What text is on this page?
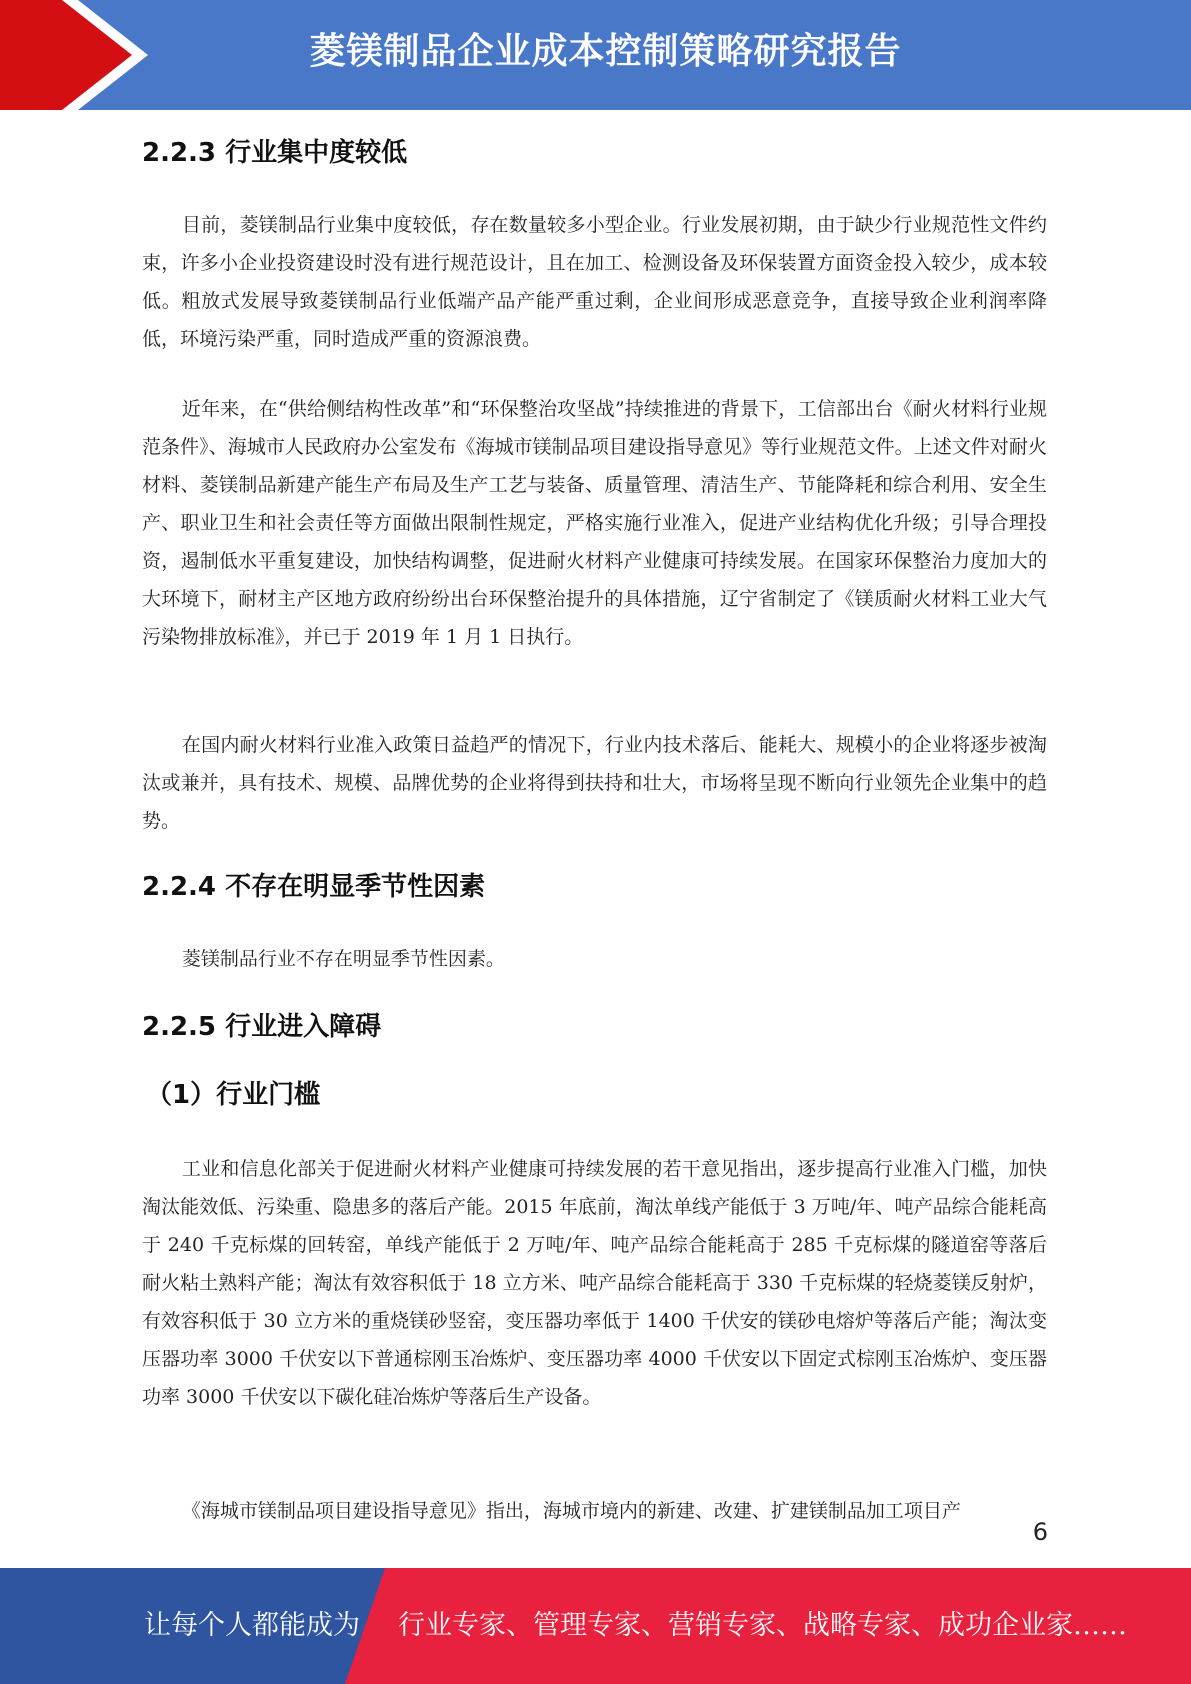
菱镁制品企业成本控制策略研究报告
2.2.3 行业集中度较低

目前，菱镁制品行业集中度较低，存在数量较多小型企业。行业发展初期，由于缺少行业规范性文件约束，许多小企业投资建设时没有进行规范设计，且在加工、检测设备及环保装置方面资金投入较少，成本较低。粗放式发展导致菱镁制品行业低端产品产能严重过剩，企业间形成恶意竞争，直接导致企业利润率降低，环境污染严重，同时造成严重的资源浪费。

近年来，在“供给侧结构性改革”和“环保整治攻坚战”持续推进的背景下，工信部出台《耐火材料行业规范条件》、海城市人民政府办公室发布《海城市镁制品项目建设指导意见》等行业规范文件。上述文件对耐火材料、菱镁制品新建产能生产布局及生产工艺与装备、质量管理、清洁生产、节能降耗和综合利用、安全生产、职业卫生和社会责任等方面做出限制性规定，严格实施行业准入，促进产业结构优化升级；引导合理投资，遏制低水平重复建设，加快结构调整，促进耐火材料产业健康可持续发展。在国家环保整治力度加大的大环境下，耐材主产区地方政府纷纷出台环保整治提升的具体措施，辽宁省制定了《镁质耐火材料工业大气污染物排放标准》，并已于 2019 年 1 月 1 日执行。

在国内耐火材料行业准入政策日益趋严的情况下，行业内技术落后、能耗大、规模小的企业将逐步被淘汰或兼并，具有技术、规模、品牌优势的企业将得到扶持和壮大，市场将呈现不断向行业领先企业集中的趋势。

2.2.4 不存在明显季节性因素

菱镁制品行业不存在明显季节性因素。

2.2.5 行业进入障碍
（1）行业门槛

工业和信息化部关于促进耐火材料产业健康可持续发展的若干意见指出，逐步提高行业准入门槛，加快淘汰能效低、污染重、隐患多的落后产能。2015 年底前，淘汰单线产能低于 3 万吨/年、吨产品综合能耗高于 240 千克标煤的回转窑，单线产能低于 2 万吨/年、吨产品综合能耗高于 285 千克标煤的隧道窑等落后耐火粘土熟料产能；淘汰有效容积低于 18 立方米、吨产品综合能耗高于 330 千克标煤的轻烧菱镁反射炉，有效容积低于 30 立方米的重烧镁砂竖窑，变压器功率低于 1400 千伏安的镁砂电熔炉等落后产能；淘汰变压器功率 3000 千伏安以下普通棕刚玉冶炼炉、变压器功率 4000 千伏安以下固定式棕刚玉冶炼炉、变压器功率 3000 千伏安以下碳化硅冶炼炉等落后生产设备。

《海城市镁制品项目建设指导意见》指出，海城市境内的新建、改建、扩建镁制品加工项目产

6
让每个人都能成为 行业专家、管理专家、营销专家、战略专家、成功企业家……
